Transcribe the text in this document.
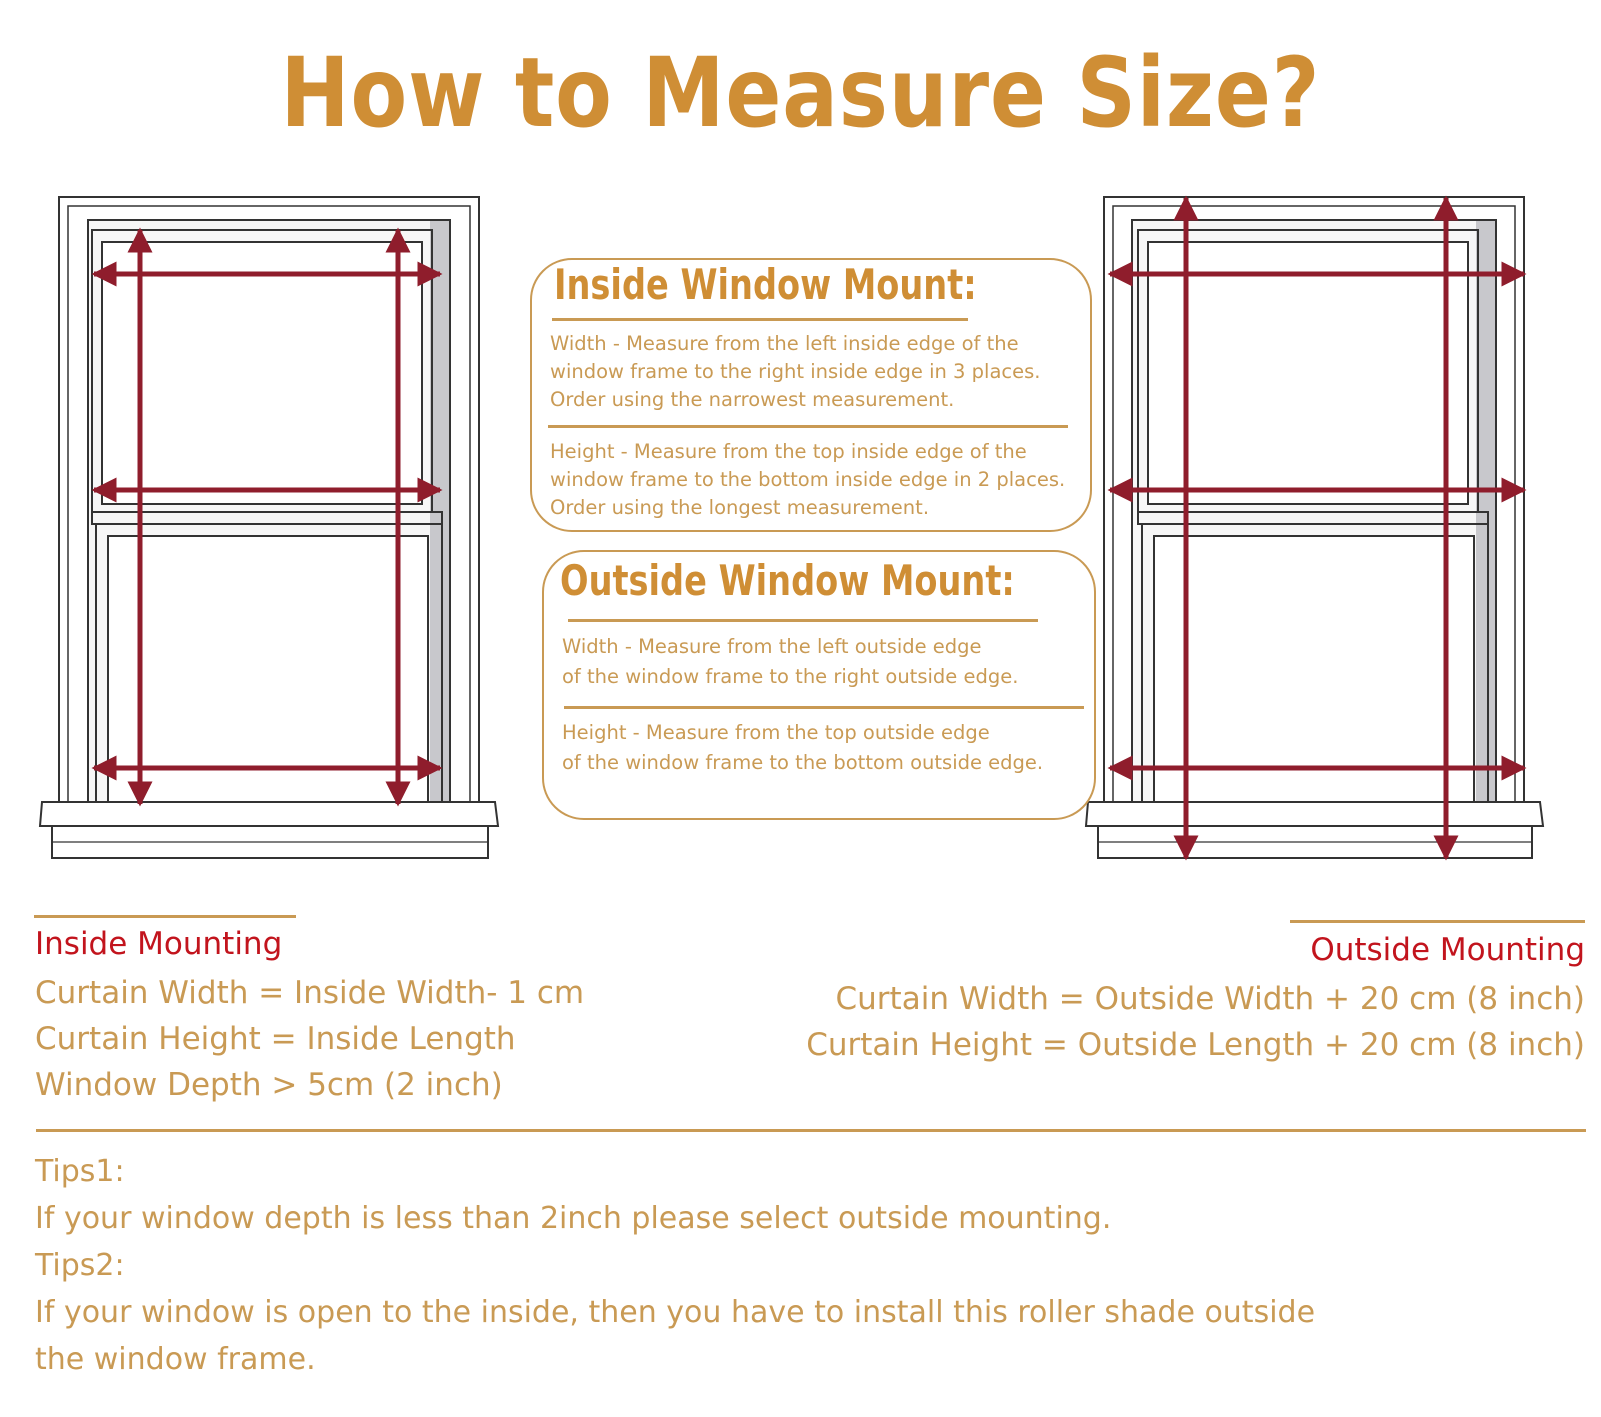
How to Measure Size?
Inside Window Mount:
Width - Measure from the left inside edge of the
window frame to the right inside edge in 3 places.
Order using the narrowest measurement.
Height - Measure from the top inside edge of the
window frame to the bottom inside edge in 2 places.
Order using the longest measurement.
Outside Window Mount:
Width - Measure from the left outside edge
of the window frame to the right outside edge.
Height - Measure from the top outside edge
of the window frame to the bottom outside edge.
Inside Mounting
Curtain Width = Inside Width- 1 cm
Curtain Height = Inside Length
Window Depth > 5cm (2 inch)
Outside Mounting
Curtain Width = Outside Width + 20 cm (8 inch)
Curtain Height = Outside Length + 20 cm (8 inch)
Tips1:
If your window depth is less than 2inch please select outside mounting.
Tips2:
If your window is open to the inside, then you have to install this roller shade outside
the window frame.
